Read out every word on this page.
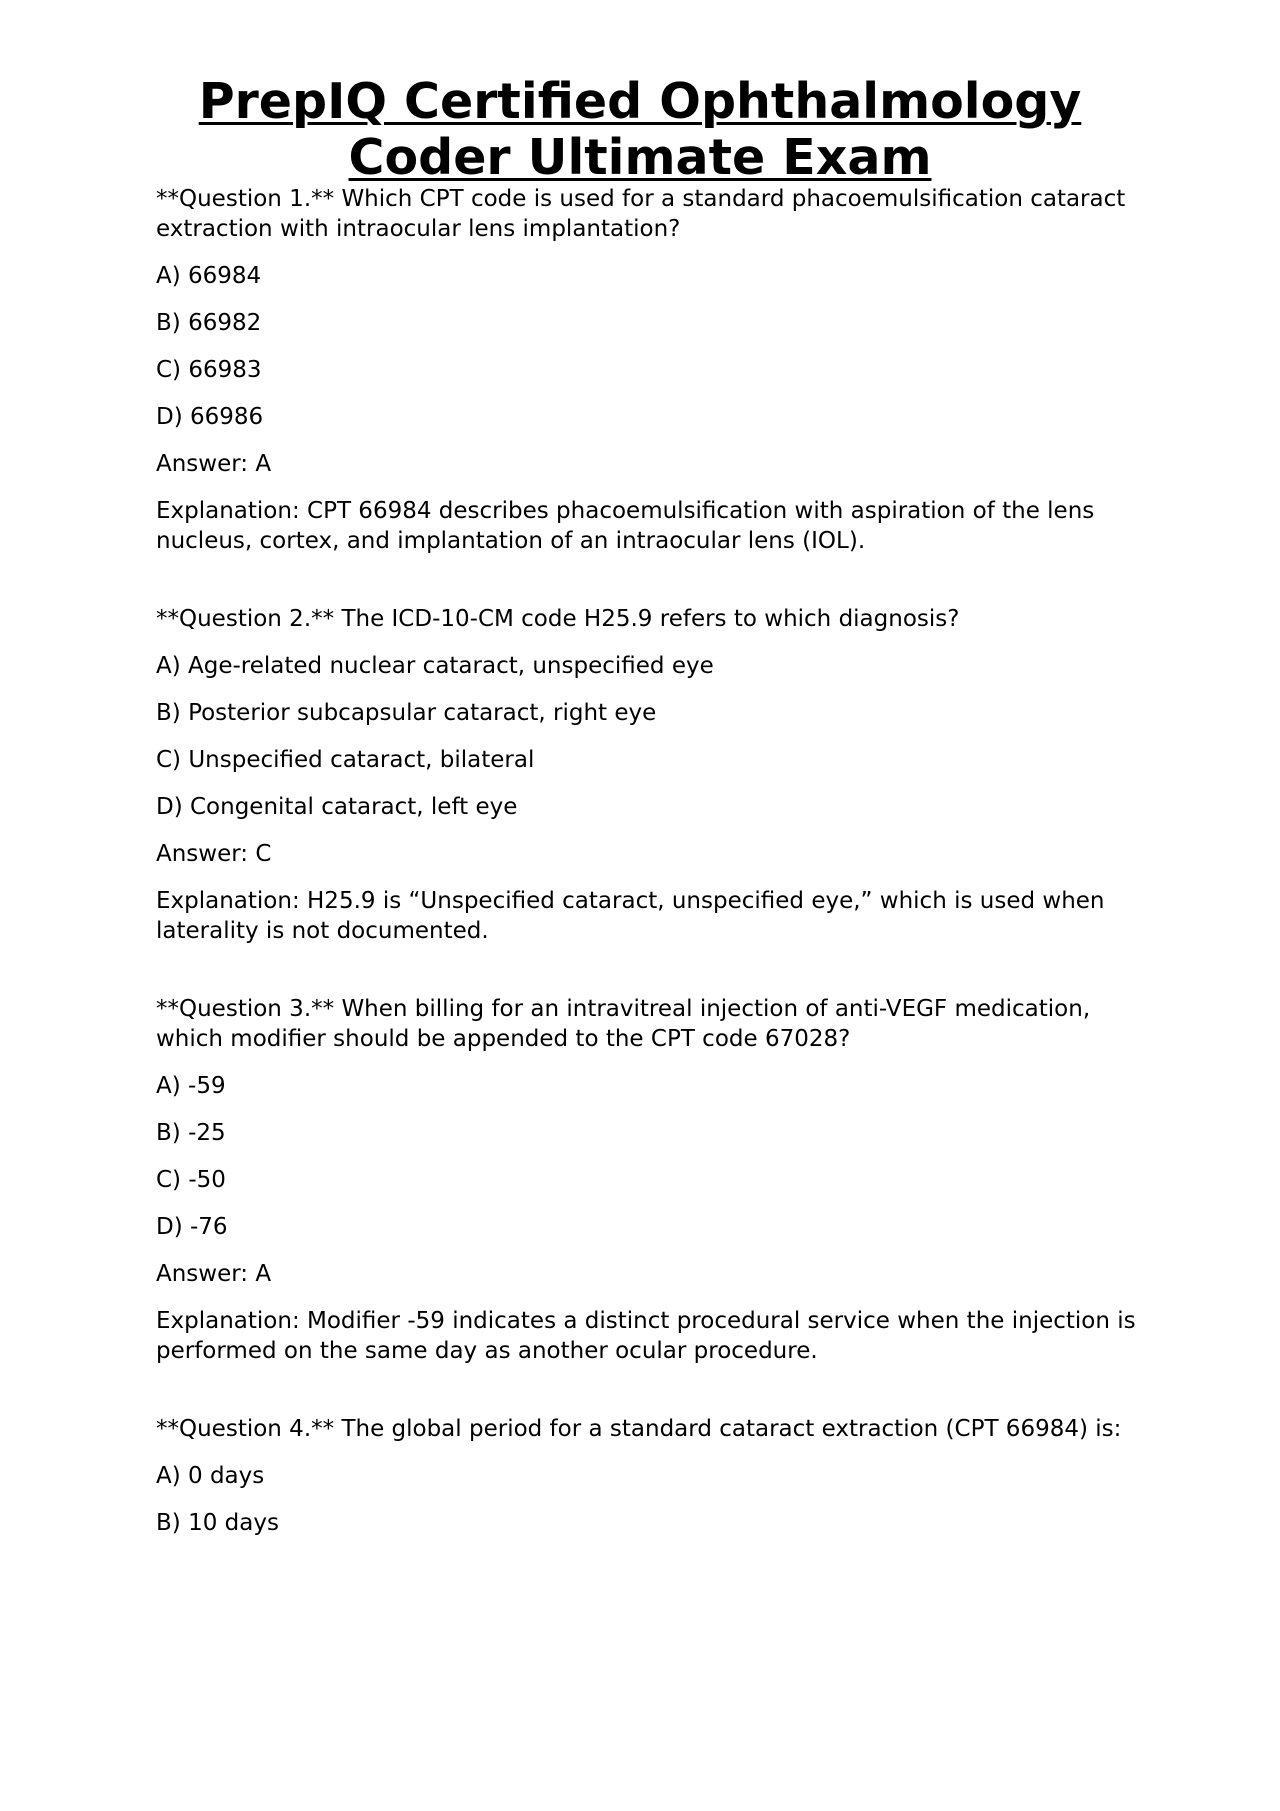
PrepIQ Certified Ophthalmology
Coder Ultimate Exam

**Question 1.** Which CPT code is used for a standard phacoemulsification cataract extraction with intraocular lens implantation?

A) 66984

B) 66982

C) 66983

D) 66986

Answer: A

Explanation: CPT 66984 describes phacoemulsification with aspiration of the lens nucleus, cortex, and implantation of an intraocular lens (IOL).

**Question 2.** The ICD-10-CM code H25.9 refers to which diagnosis?

A) Age-related nuclear cataract, unspecified eye

B) Posterior subcapsular cataract, right eye

C) Unspecified cataract, bilateral

D) Congenital cataract, left eye

Answer: C

Explanation: H25.9 is “Unspecified cataract, unspecified eye,” which is used when laterality is not documented.

**Question 3.** When billing for an intravitreal injection of anti-VEGF medication, which modifier should be appended to the CPT code 67028?

A) -59

B) -25

C) -50

D) -76

Answer: A

Explanation: Modifier -59 indicates a distinct procedural service when the injection is performed on the same day as another ocular procedure.

**Question 4.** The global period for a standard cataract extraction (CPT 66984) is:

A) 0 days

B) 10 days
